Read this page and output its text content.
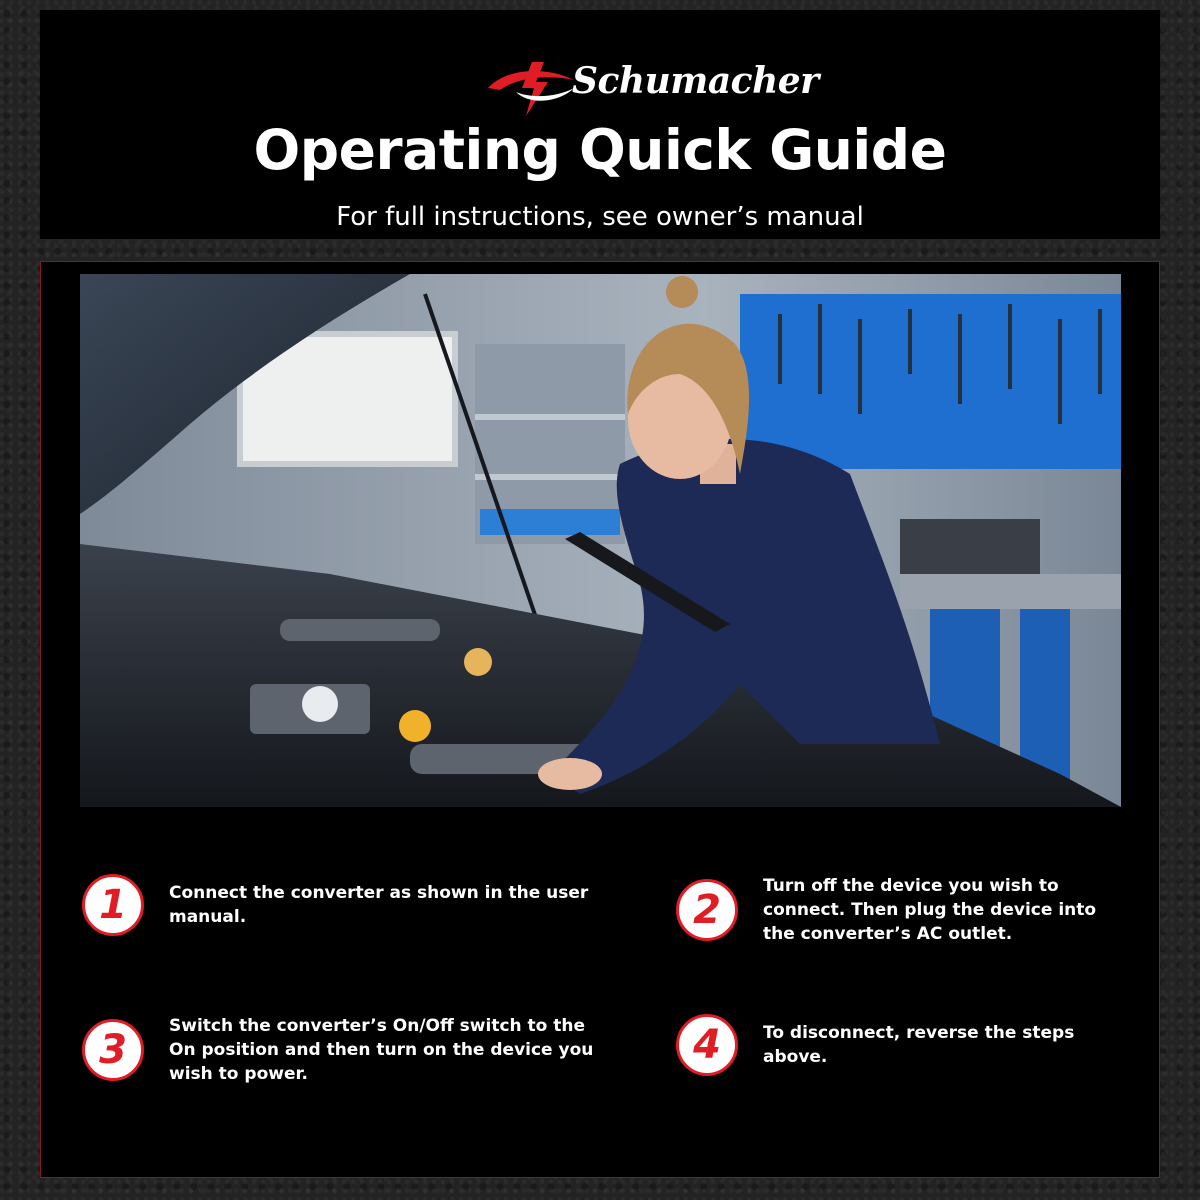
Schumacher
Operating Quick Guide
For full instructions, see owner’s manual
1	Connect the converter as shown in the user manual.	2
Turn off the device you wish to connect. Then plug the device into the converter’s AC outlet.
3
Switch the converter’s On/Off switch to the On position and then turn on the device you wish to power.
4	To disconnect, reverse the steps above.
